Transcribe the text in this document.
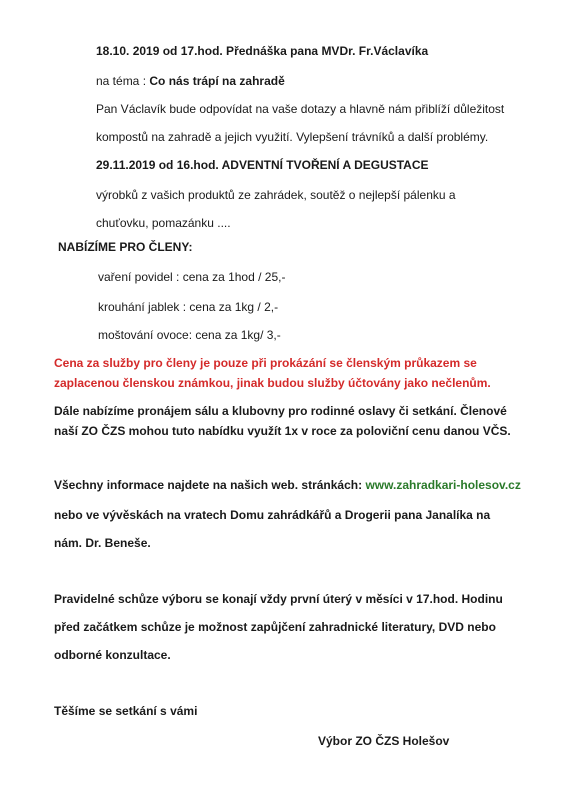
18.10. 2019 od 17.hod. Přednáška pana MVDr. Fr.Václavíka
na téma : Co nás trápí na zahradě
Pan Václavík bude odpovídat na vaše dotazy a hlavně nám přiblíží důležitost
kompostů na zahradě a jejich využití. Vylepšení trávníků a další problémy.
29.11.2019 od 16.hod. ADVENTNÍ TVOŘENÍ A DEGUSTACE
výrobků z vašich produktů ze zahrádek, soutěž o nejlepší pálenku a
chuťovku, pomazánku ....
NABÍZÍME PRO ČLENY:
vaření povidel : cena za 1hod / 25,-
krouhání jablek : cena za 1kg / 2,-
moštování ovoce: cena za 1kg/ 3,-
Cena za služby pro členy je pouze při prokázání se členským průkazem se
zaplacenou členskou známkou, jinak budou služby účtovány jako nečlenům.
Dále nabízíme pronájem sálu a klubovny pro rodinné oslavy či setkání. Členové
naší ZO ČZS mohou tuto nabídku využít 1x v roce za poloviční cenu danou VČS.
Všechny informace najdete na našich web. stránkách: www.zahradkari-holesov.cz
nebo ve vývěskách na vratech Domu zahrádkářů a Drogerii pana Janalíka na
nám. Dr. Beneše.
Pravidelné schůze výboru se konají vždy první úterý v měsíci v 17.hod. Hodinu
před začátkem schůze je možnost zapůjčení zahradnické literatury, DVD nebo
odborné konzultace.
Těšíme se setkání s vámi
Výbor ZO ČZS Holešov
